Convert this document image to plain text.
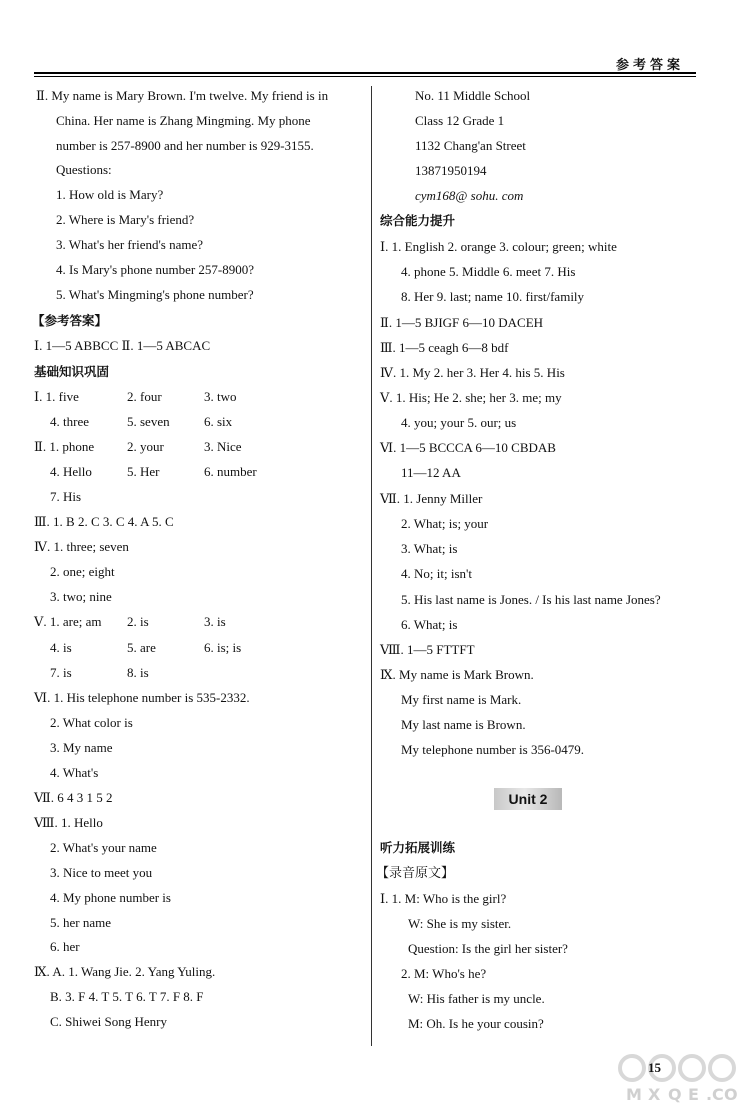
参考答案
Ⅱ. My name is Mary Brown. I'm twelve. My friend is in
China. Her name is Zhang Mingming. My phone
number is 257-8900 and her number is 929-3155.
Questions:
1. How old is Mary?
2. Where is Mary's friend?
3. What's her friend's name?
4. Is Mary's phone number 257-8900?
5. What's Mingming's phone number?
【参考答案】
Ⅰ. 1—5 ABBCC Ⅱ. 1—5 ABCAC
基础知识巩固
Ⅰ. 1. five	2. four	3. two
4. three	5. seven	6. six
Ⅱ. 1. phone	2. your	3. Nice
4. Hello	5. Her	6. number
7. His
Ⅲ. 1. B 2. C 3. C 4. A 5. C
Ⅳ. 1. three; seven
2. one; eight
3. two; nine
Ⅴ. 1. are; am 2. is	3. is
4. is	5. are	6. is; is
7. is	8. is
Ⅵ. 1. His telephone number is 535-2332.
2. What color is
3. My name
4. What's
Ⅶ. 6 4 3 1 5 2
Ⅷ. 1. Hello
2. What's your name
3. Nice to meet you
4. My phone number is
5. her name
6. her
Ⅸ. A. 1. Wang Jie. 2. Yang Yuling.
B. 3. F 4. T 5. T 6. T 7. F 8. F
C. Shiwei Song Henry
No. 11 Middle School
Class 12 Grade 1
1132 Chang'an Street
13871950194
cym168@ sohu. com
综合能力提升
Ⅰ. 1. English 2. orange 3. colour; green; white
4. phone 5. Middle 6. meet 7. His
8. Her 9. last; name 10. first/family
Ⅱ. 1—5 BJIGF 6—10 DACEH
Ⅲ. 1—5 ceagh 6—8 bdf
Ⅳ. 1. My 2. her 3. Her 4. his 5. His
Ⅴ. 1. His; He 2. she; her 3. me; my
4. you; your 5. our; us
Ⅵ. 1—5 BCCCA 6—10 CBDAB
11—12 AA
Ⅶ. 1. Jenny Miller
2. What; is; your
3. What; is
4. No; it; isn't
5. His last name is Jones. / Is his last name Jones?
6. What; is
Ⅷ. 1—5 FTTFT
Ⅸ. My name is Mark Brown.
My first name is Mark.
My last name is Brown.
My telephone number is 356-0479.
听力拓展训练
【录音原文】
Ⅰ. 1. M: Who is the girl?
W: She is my sister.
Question: Is the girl her sister?
2. M: Who's he?
W: His father is my uncle.
M: Oh. Is he your cousin?
Unit 2
M X Q E . C O
15
